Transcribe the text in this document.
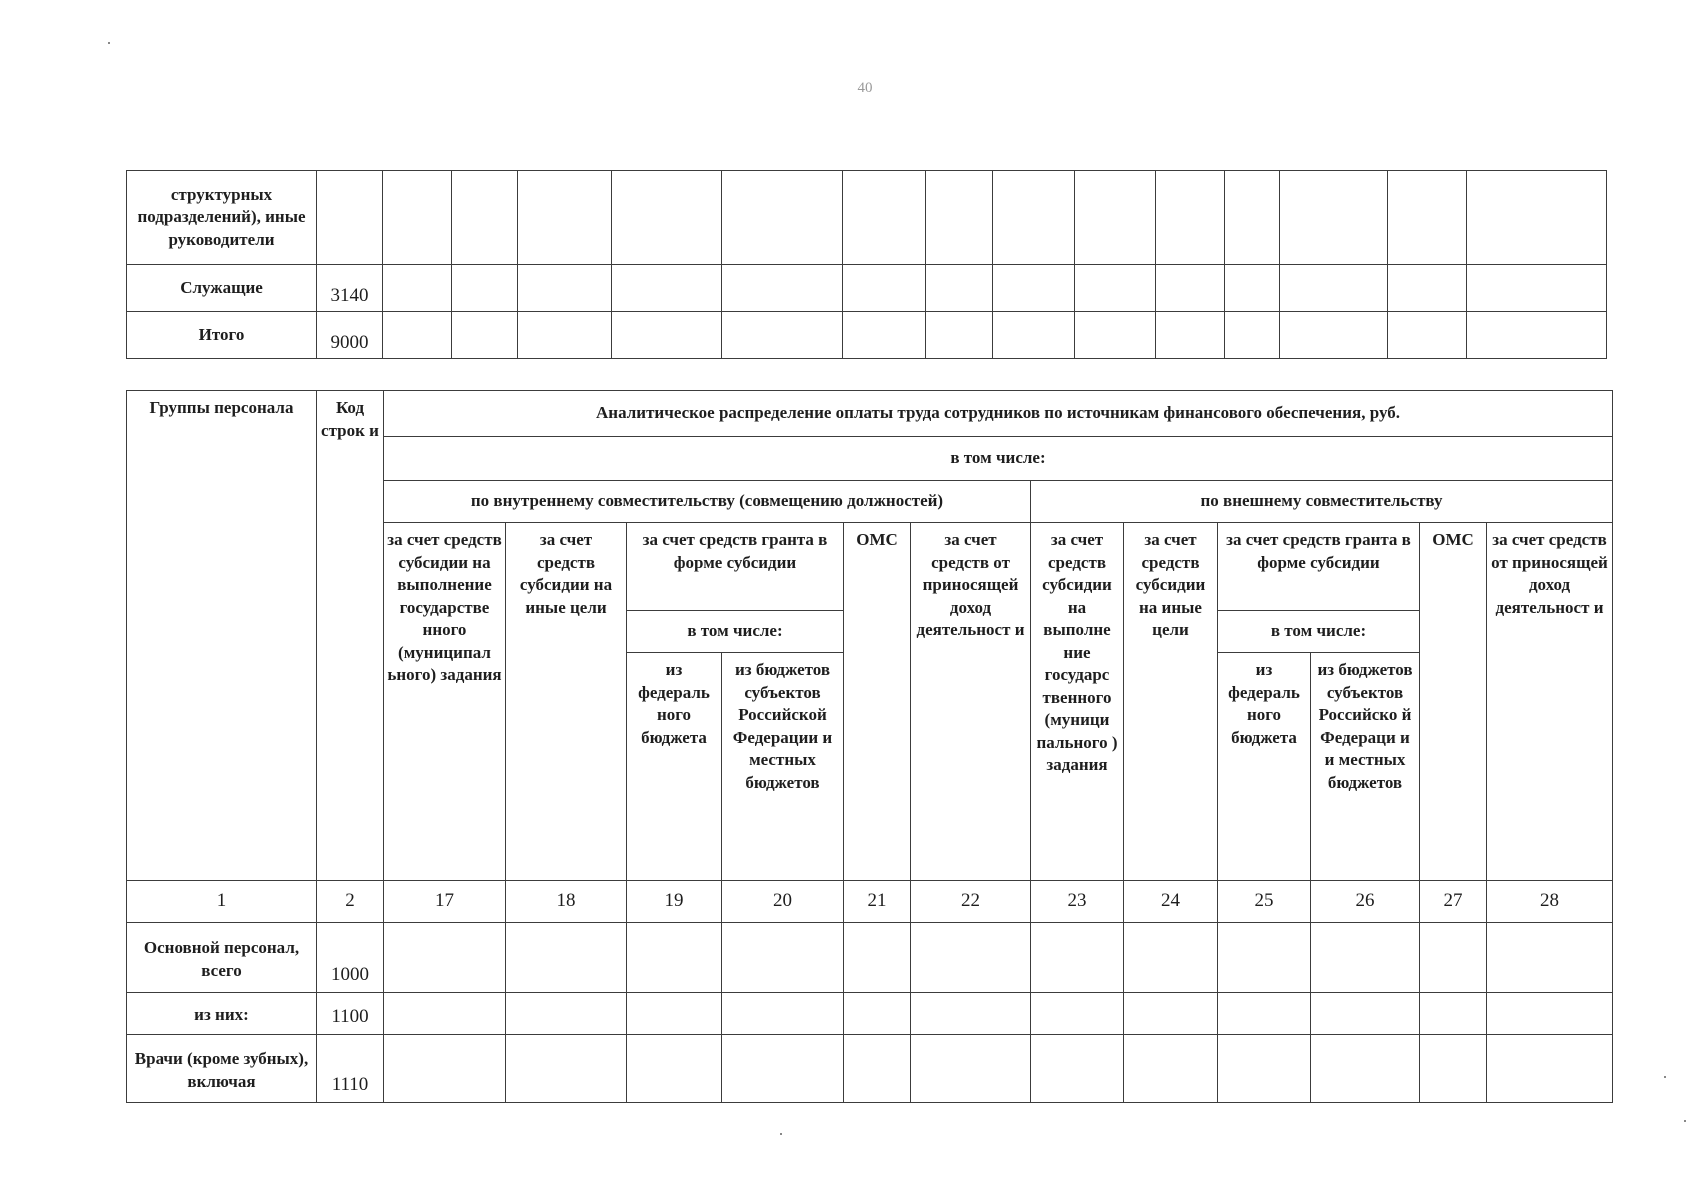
40
структурных подразделений), иные руководители															
Служащие	3140														
Итого	9000														
Группы персонала	Код строк и	Аналитическое распределение оплаты труда сотрудников по источникам финансового обеспечения, руб.											
		в том числе:											
		по внутреннему совместительству (совмещению должностей)						по внешнему совместительству					
		за счет средств субсидии на выполнение государстве нного (муниципал ьного) задания	за счет средств субсидии на иные цели	за счет средств гранта в форме субсидии		ОМС	за счет средств от приносящей доход деятельност и	за счет средств субсидии на выполне ние государс твенного (муници пального ) задания	за счет средств субсидии на иные цели	за счет средств гранта в форме субсидии		ОМС	за счет средств от приносящей доход деятельност и
				в том числе:						в том числе:			
				из федераль ного бюджета	из бюджетов субъектов Российской Федерации и местных бюджетов					из федераль ного бюджета	из бюджетов субъектов Российско й Федераци и и местных бюджетов		
1	2	17	18	19	20	21	22	23	24	25	26	27	28
Основной персонал, всего	1000												
из них:	1100												
Врачи (кроме зубных), включая	1110												
